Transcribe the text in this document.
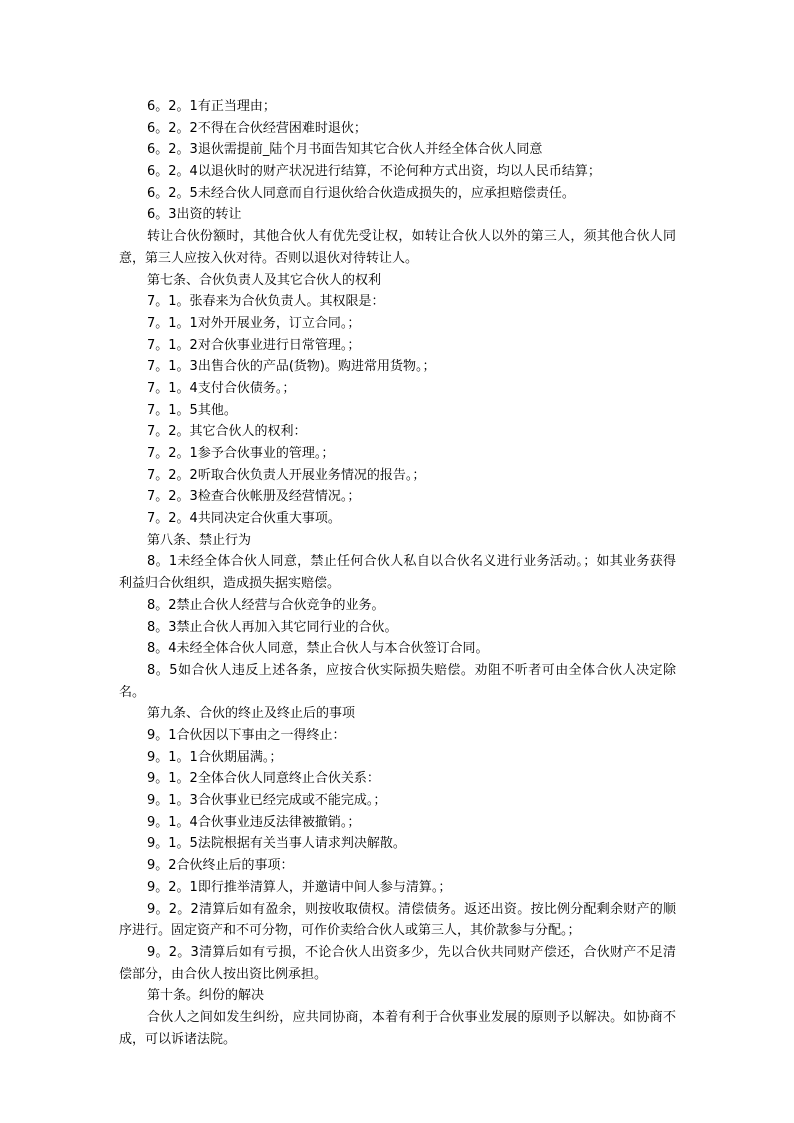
6。2。1有正当理由；
6。2。2不得在合伙经营困难时退伙；
6。2。3退伙需提前_陆个月书面告知其它合伙人并经全体合伙人同意
6。2。4以退伙时的财产状况进行结算，不论何种方式出资，均以人民币结算；
6。2。5未经合伙人同意而自行退伙给合伙造成损失的，应承担赔偿责任。
6。3出资的转让
转让合伙份额时，其他合伙人有优先受让权，如转让合伙人以外的第三人，须其他合伙人同意，第三人应按入伙对待。否则以退伙对待转让人。
第七条、合伙负责人及其它合伙人的权利
7。1。张春来为合伙负责人。其权限是：
7。1。1对外开展业务，订立合同。；
7。1。2对合伙事业进行日常管理。；
7。1。3出售合伙的产品(货物)。购进常用货物。；
7。1。4支付合伙债务。；
7。1。5其他。
7。2。其它合伙人的权利：
7。2。1参予合伙事业的管理。；
7。2。2听取合伙负责人开展业务情况的报告。；
7。2。3检查合伙帐册及经营情况。；
7。2。4共同决定合伙重大事项。
第八条、禁止行为
8。1未经全体合伙人同意，禁止任何合伙人私自以合伙名义进行业务活动。；如其业务获得利益归合伙组织，造成损失据实赔偿。
8。2禁止合伙人经营与合伙竞争的业务。
8。3禁止合伙人再加入其它同行业的合伙。
8。4未经全体合伙人同意，禁止合伙人与本合伙签订合同。
8。5如合伙人违反上述各条，应按合伙实际损失赔偿。劝阻不听者可由全体合伙人决定除名。
第九条、合伙的终止及终止后的事项
9。1合伙因以下事由之一得终止：
9。1。1合伙期届满。；
9。1。2全体合伙人同意终止合伙关系：
9。1。3合伙事业已经完成或不能完成。；
9。1。4合伙事业违反法律被撤销。；
9。1。5法院根据有关当事人请求判决解散。
9。2合伙终止后的事项：
9。2。1即行推举清算人，并邀请中间人参与清算。；
9。2。2清算后如有盈余，则按收取债权。清偿债务。返还出资。按比例分配剩余财产的顺序进行。固定资产和不可分物，可作价卖给合伙人或第三人，其价款参与分配。；
9。2。3清算后如有亏损，不论合伙人出资多少，先以合伙共同财产偿还，合伙财产不足清偿部分，由合伙人按出资比例承担。
第十条。纠份的解决
合伙人之间如发生纠纷，应共同协商，本着有利于合伙事业发展的原则予以解决。如协商不成，可以诉诸法院。
